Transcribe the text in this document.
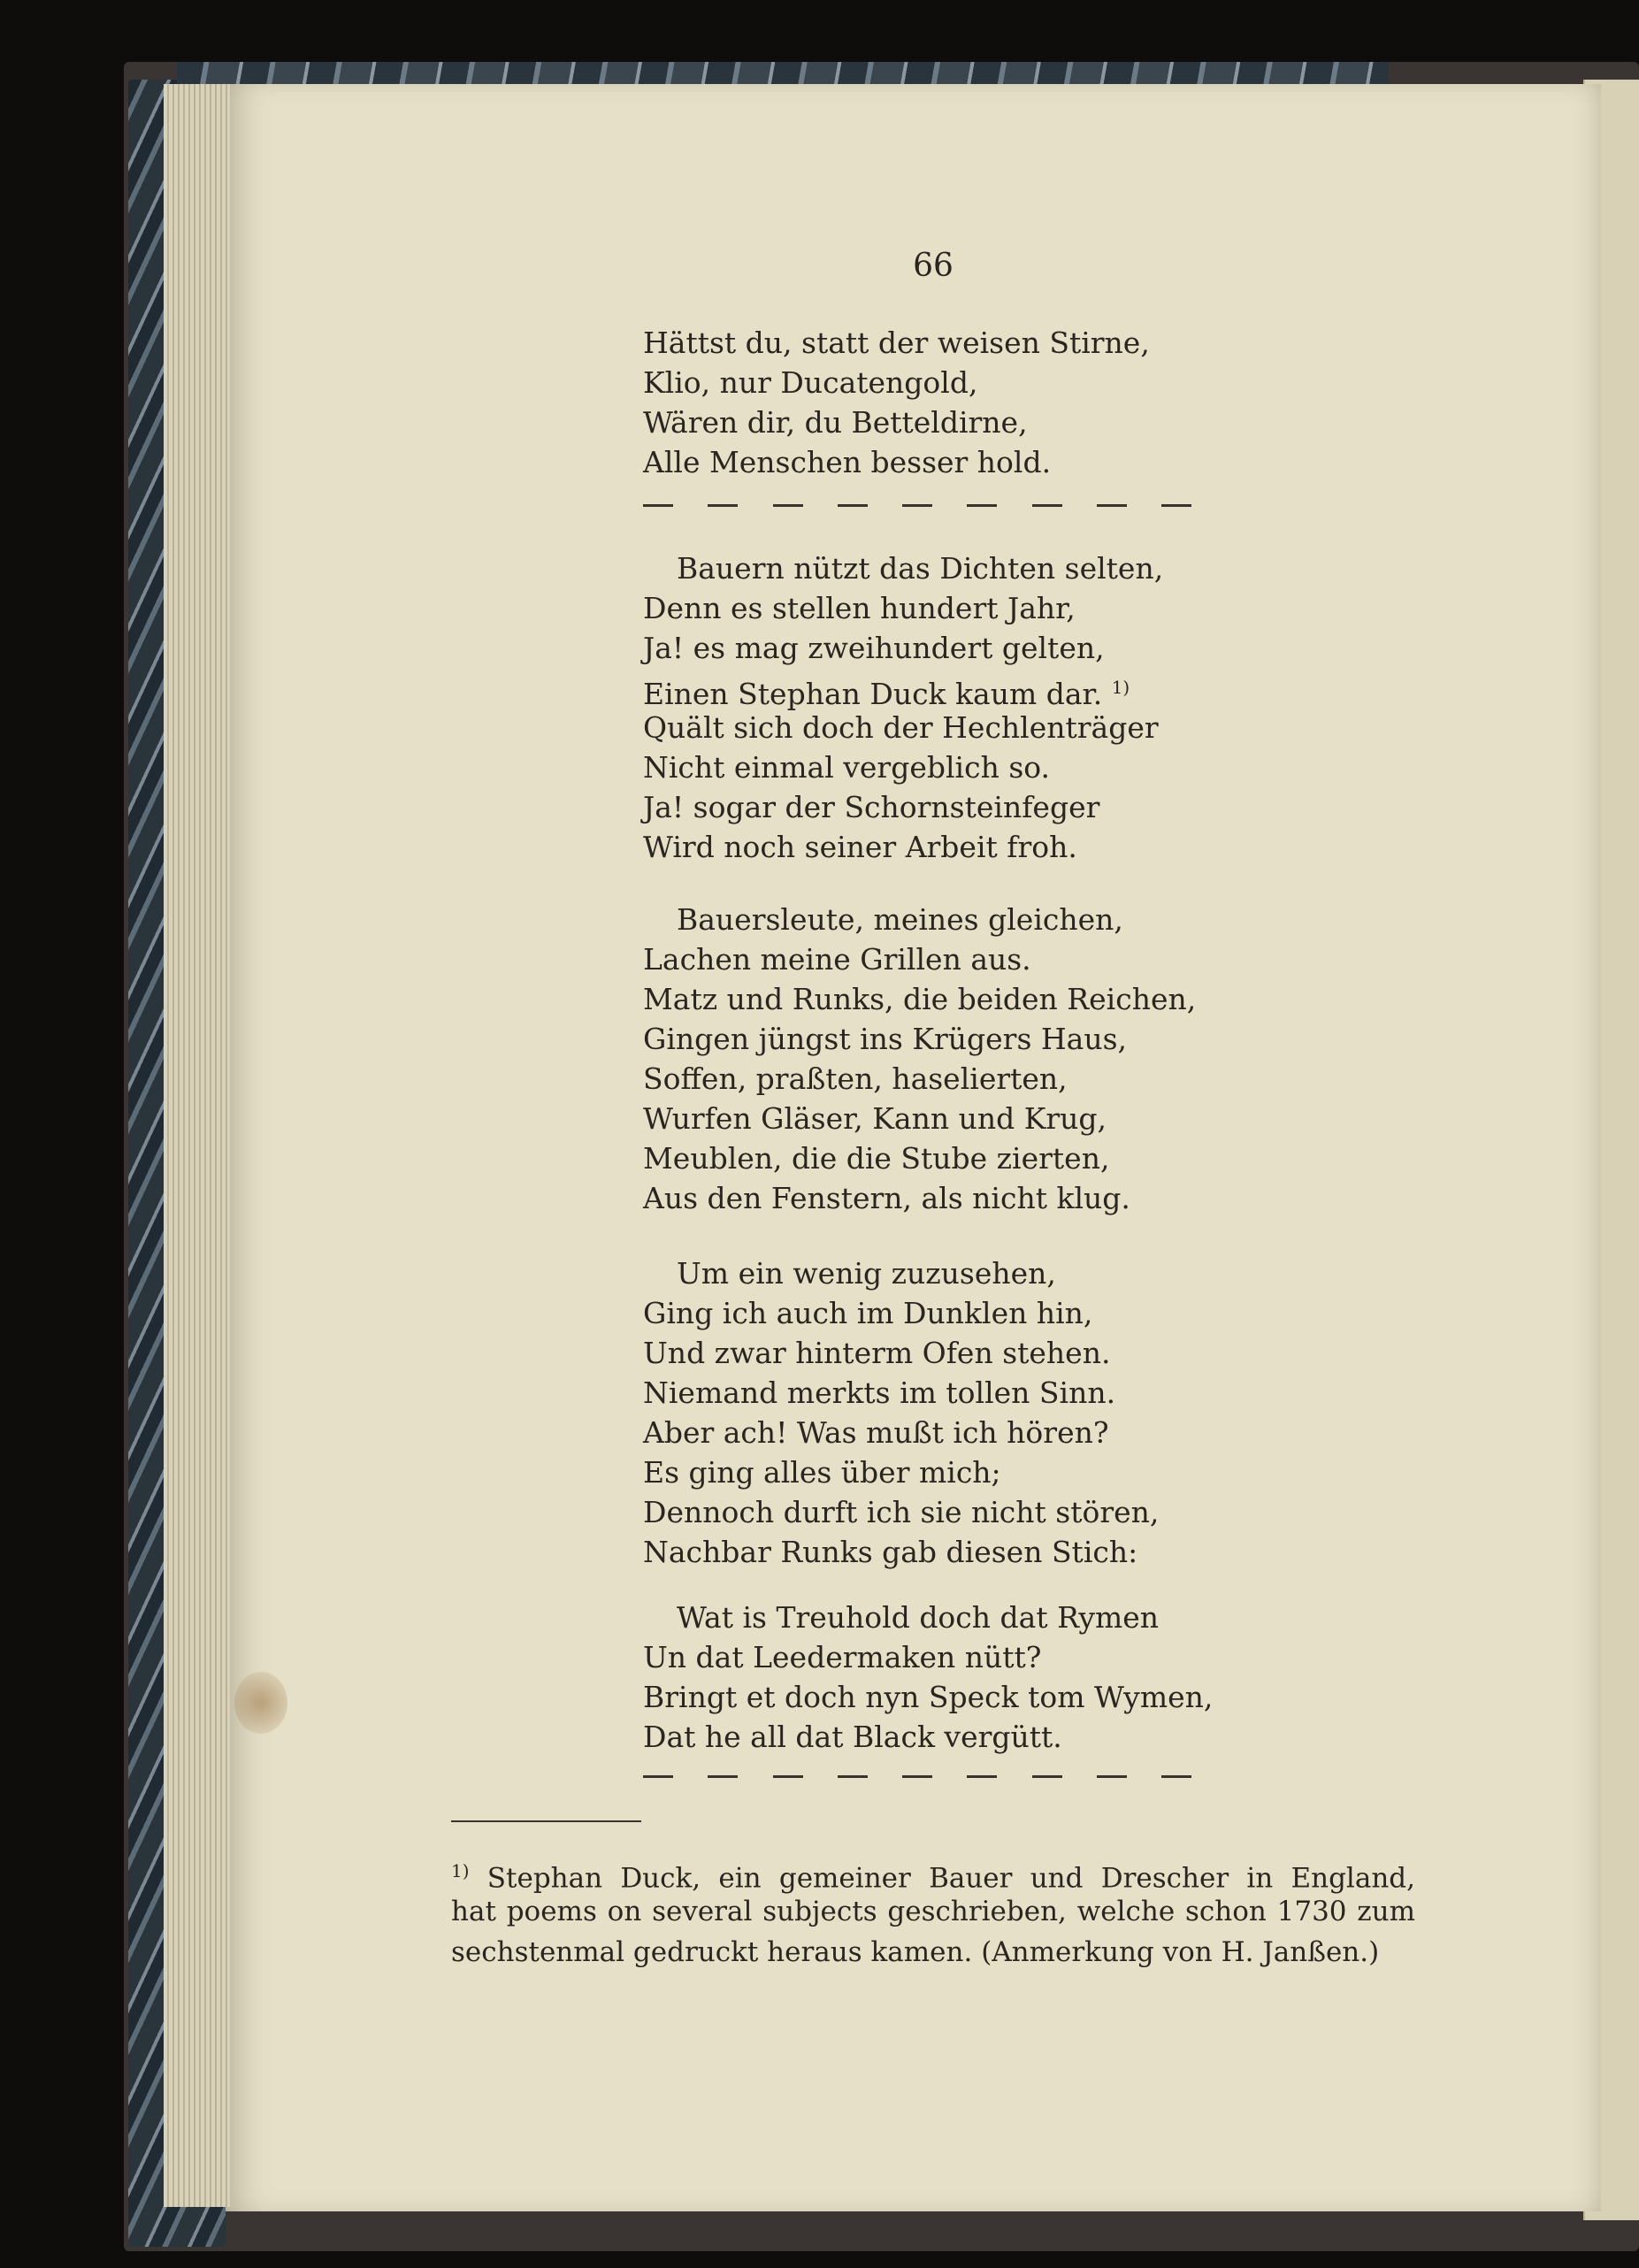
66
Hättst du, statt der weisen Stirne,
Klio, nur Ducatengold,
Wären dir, du Betteldirne,
Alle Menschen besser hold.
Bauern nützt das Dichten selten,
Denn es stellen hundert Jahr,
Ja! es mag zweihundert gelten,
Einen Stephan Duck kaum dar. $^{1)}$
Quält sich doch der Hechlenträger
Nicht einmal vergeblich so.
Ja! sogar der Schornsteinfeger
Wird noch seiner Arbeit froh.
Bauersleute, meines gleichen,
Lachen meine Grillen aus.
Matz und Runks, die beiden Reichen,
Gingen jüngst ins Krügers Haus,
Soffen, praßten, haselierten,
Wurfen Gläser, Kann und Krug,
Meublen, die die Stube zierten,
Aus den Fenstern, als nicht klug.
Um ein wenig zuzusehen,
Ging ich auch im Dunklen hin,
Und zwar hinterm Ofen stehen.
Niemand merkts im tollen Sinn.
Aber ach! Was mußt ich hören?
Es ging alles über mich;
Dennoch durft ich sie nicht stören,
Nachbar Runks gab diesen Stich:
Wat is Treuhold doch dat Rymen
Un dat Leedermaken nütt?
Bringt et doch nyn Speck tom Wymen,
Dat he all dat Black vergütt.
$^{1)}$ Stephan Duck, ein gemeiner Bauer und Drescher in England,
hat poems on several subjects geschrieben, welche schon 1730 zum
sechstenmal gedruckt heraus kamen. (Anmerkung von H. Janßen.)
